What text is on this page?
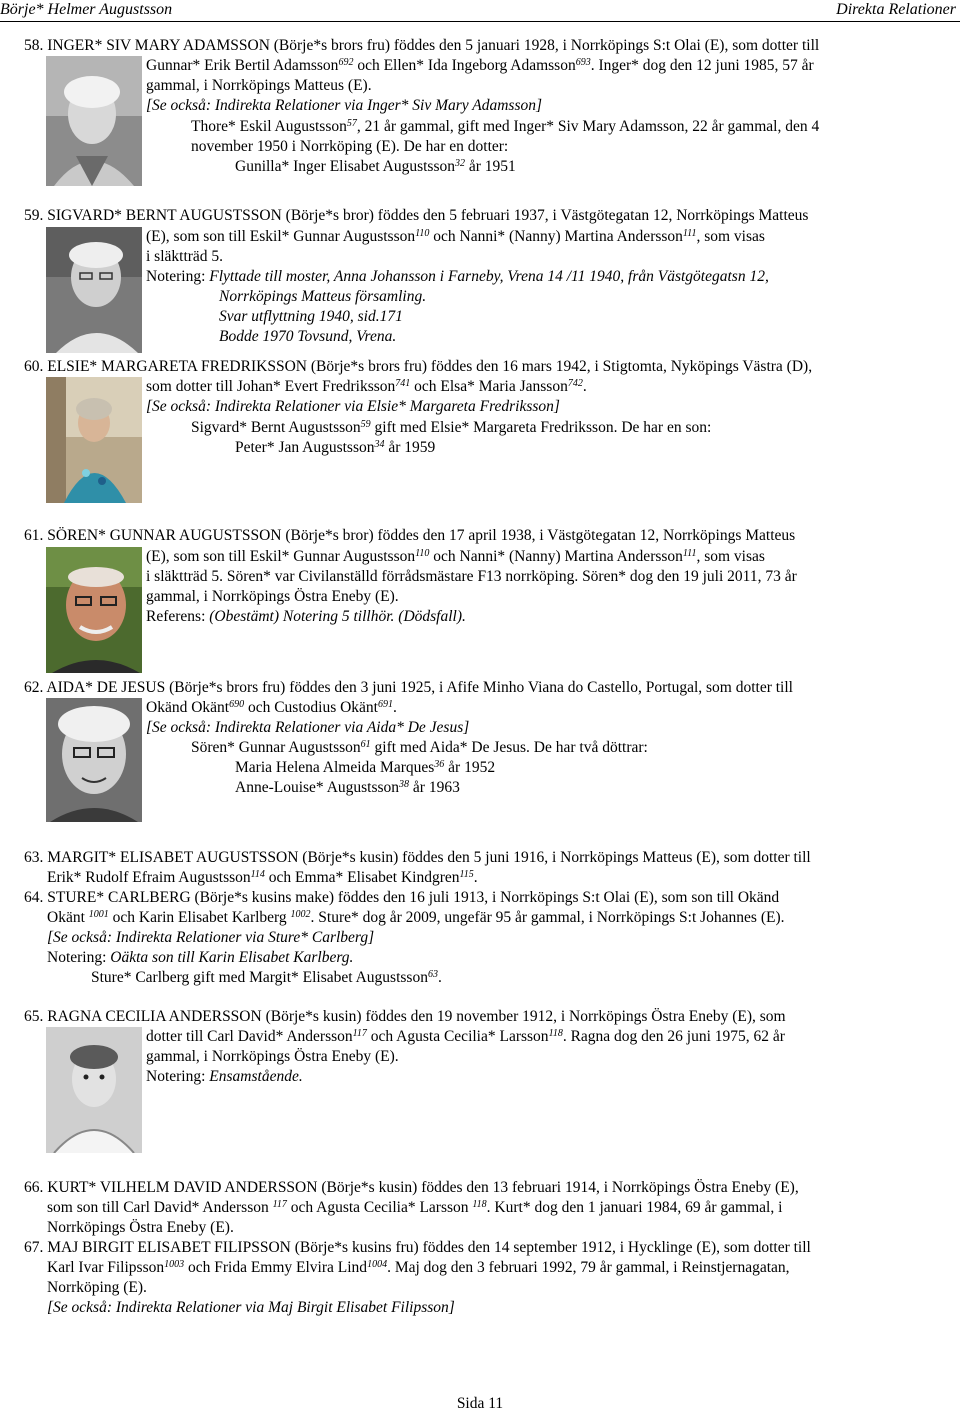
Börje* Helmer Augustsson	Direkta Relationer
58. INGER* SIV MARY ADAMSSON (Börje*s brors fru) föddes den 5 januari 1928, i Norrköpings S:t Olai (E), som dotter till
Gunnar* Erik Bertil Adamsson$^{692}$ och Ellen* Ida Ingeborg Adamsson$^{693}$. Inger* dog den 12 juni 1985, 57 år
gammal, i Norrköpings Matteus (E).
[Se också: Indirekta Relationer via Inger* Siv Mary Adamsson]
Thore* Eskil Augustsson$^{57}$, 21 år gammal, gift med Inger* Siv Mary Adamsson, 22 år gammal, den 4
november 1950 i Norrköping (E). De har en dotter:
Gunilla* Inger Elisabet Augustsson$^{32}$ år 1951
59. SIGVARD* BERNT AUGUSTSSON (Börje*s bror) föddes den 5 februari 1937, i Västgötegatan 12, Norrköpings Matteus
(E), som son till Eskil* Gunnar Augustsson$^{110}$ och Nanni* (Nanny) Martina Andersson$^{111}$, som visas
i släktträd 5.
Notering: Flyttade till moster, Anna Johansson i Farneby, Vrena 14 /11 1940, från Västgötegatsn 12,
Norrköpings Matteus församling.
Svar utflyttning 1940, sid.171
Bodde 1970 Tovsund, Vrena.
60. ELSIE* MARGARETA FREDRIKSSON (Börje*s brors fru) föddes den 16 mars 1942, i Stigtomta, Nyköpings Västra (D),
som dotter till Johan* Evert Fredriksson$^{741}$ och Elsa* Maria Jansson$^{742}$.
[Se också: Indirekta Relationer via Elsie* Margareta Fredriksson]
Sigvard* Bernt Augustsson$^{59}$ gift med Elsie* Margareta Fredriksson. De har en son:
Peter* Jan Augustsson$^{34}$ år 1959
61. SÖREN* GUNNAR AUGUSTSSON (Börje*s bror) föddes den 17 april 1938, i Västgötegatan 12, Norrköpings Matteus
(E), som son till Eskil* Gunnar Augustsson$^{110}$ och Nanni* (Nanny) Martina Andersson$^{111}$, som visas
i släktträd 5. Sören* var Civilanställd förrådsmästare F13 norrköping. Sören* dog den 19 juli 2011, 73 år
gammal, i Norrköpings Östra Eneby (E).
Referens: (Obestämt) Notering 5 tillhör. (Dödsfall).
62. AIDA* DE JESUS (Börje*s brors fru) föddes den 3 juni 1925, i Afife Minho Viana do Castello, Portugal, som dotter till
Okänd Okänt$^{690}$ och Custodius Okänt$^{691}$.
[Se också: Indirekta Relationer via Aida* De Jesus]
Sören* Gunnar Augustsson$^{61}$ gift med Aida* De Jesus. De har två döttrar:
Maria Helena Almeida Marques$^{36}$ år 1952
Anne-Louise* Augustsson$^{38}$ år 1963
63. MARGIT* ELISABET AUGUSTSSON (Börje*s kusin) föddes den 5 juni 1916, i Norrköpings Matteus (E), som dotter till
Erik* Rudolf Efraim Augustsson$^{114}$ och Emma* Elisabet Kindgren$^{115}$.
64. STURE* CARLBERG (Börje*s kusins make) föddes den 16 juli 1913, i Norrköpings S:t Olai (E), som son till Okänd
Okänt $^{1001}$ och Karin Elisabet Karlberg $^{1002}$. Sture* dog år 2009, ungefär 95 år gammal, i Norrköpings S:t Johannes (E).
[Se också: Indirekta Relationer via Sture* Carlberg]
Notering: Oäkta son till Karin Elisabet Karlberg.
Sture* Carlberg gift med Margit* Elisabet Augustsson$^{63}$.
65. RAGNA CECILIA ANDERSSON (Börje*s kusin) föddes den 19 november 1912, i Norrköpings Östra Eneby (E), som
dotter till Carl David* Andersson$^{117}$ och Agusta Cecilia* Larsson$^{118}$. Ragna dog den 26 juni 1975, 62 år
gammal, i Norrköpings Östra Eneby (E).
Notering: Ensamstående.
66. KURT* VILHELM DAVID ANDERSSON (Börje*s kusin) föddes den 13 februari 1914, i Norrköpings Östra Eneby (E),
som son till Carl David* Andersson $^{117}$ och Agusta Cecilia* Larsson $^{118}$. Kurt* dog den 1 januari 1984, 69 år gammal, i
Norrköpings Östra Eneby (E).
67. MAJ BIRGIT ELISABET FILIPSSON (Börje*s kusins fru) föddes den 14 september 1912, i Hycklinge (E), som dotter till
Karl Ivar Filipsson$^{1003}$ och Frida Emmy Elvira Lind$^{1004}$. Maj dog den 3 februari 1992, 79 år gammal, i Reinstjernagatan,
Norrköping (E).
[Se också: Indirekta Relationer via Maj Birgit Elisabet Filipsson]
Sida 11
